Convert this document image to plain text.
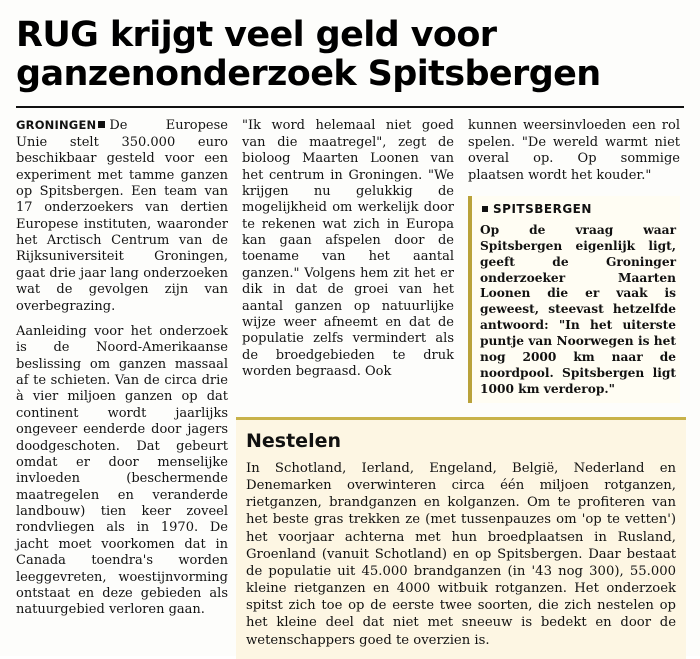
RUG krijgt veel geld voor
ganzenonderzoek Spitsbergen

GRONINGEN De Europese Unie stelt 350.000 euro beschikbaar gesteld voor een experiment met tamme ganzen op Spitsbergen. Een team van 17 onderzoekers van dertien Europese instituten, waaronder het Arctisch Centrum van de Rijksuniversiteit Groningen, gaat drie jaar lang onderzoeken wat de gevolgen zijn van overbegrazing.

Aanleiding voor het onderzoek is de Noord-Amerikaanse beslissing om ganzen massaal af te schieten. Van de circa drie à vier miljoen ganzen op dat continent wordt jaarlijks ongeveer eenderde door jagers doodgeschoten. Dat gebeurt omdat er door menselijke invloeden (beschermende maatregelen en veranderde landbouw) tien keer zoveel rondvliegen als in 1970. De jacht moet voorkomen dat in Canada toendra's worden leeggevreten, woestijnvorming ontstaat en deze gebieden als natuurgebied verloren gaan.

"Ik word helemaal niet goed van die maatregel", zegt de bioloog Maarten Loonen van het centrum in Groningen. "We krijgen nu gelukkig de mogelijkheid om werkelijk door te rekenen wat zich in Europa kan gaan afspelen door de toename van het aantal ganzen." Volgens hem zit het er dik in dat de groei van het aantal ganzen op natuurlijke wijze weer afneemt en dat de populatie zelfs vermindert als de broedgebieden te druk worden begraasd. Ook

kunnen weersinvloeden een rol spelen. "De wereld warmt niet overal op. Op sommige plaatsen wordt het kouder."

SPITSBERGEN
Op de vraag waar Spitsbergen eigenlijk ligt, geeft de Groninger onderzoeker Maarten Loonen die er vaak is geweest, steevast hetzelfde antwoord: "In het uiterste puntje van Noorwegen is het nog 2000 km naar de noordpool. Spitsbergen ligt 1000 km verderop."
Nestelen

In Schotland, Ierland, Engeland, België, Nederland en Denemarken overwinteren circa één miljoen rotganzen, rietganzen, brandganzen en kolganzen. Om te profiteren van het beste gras trekken ze (met tussenpauzes om 'op te vetten') het voorjaar achterna met hun broedplaatsen in Rusland, Groenland (vanuit Schotland) en op Spitsbergen. Daar bestaat de populatie uit 45.000 brandganzen (in '43 nog 300), 55.000 kleine rietganzen en 4000 witbuik rotganzen. Het onderzoek spitst zich toe op de eerste twee soorten, die zich nestelen op het kleine deel dat niet met sneeuw is bedekt en door de wetenschappers goed te overzien is.
